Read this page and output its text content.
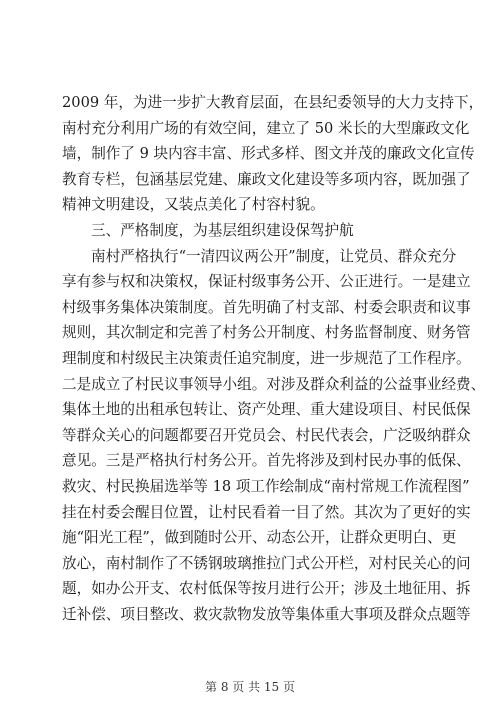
2009 年，为进一步扩大教育层面，在县纪委领导的大力支持下，
南村充分利用广场的有效空间，建立了 50 米长的大型廉政文化
墙，制作了 9 块内容丰富、形式多样、图文并茂的廉政文化宣传
教育专栏，包涵基层党建、廉政文化建设等多项内容，既加强了
精神文明建设，又装点美化了村容村貌。
三、严格制度，为基层组织建设保驾护航
南村严格执行“一清四议两公开”制度，让党员、群众充分
享有参与权和决策权，保证村级事务公开、公正进行。一是建立
村级事务集体决策制度。首先明确了村支部、村委会职责和议事
规则，其次制定和完善了村务公开制度、村务监督制度、财务管
理制度和村级民主决策责任追究制度，进一步规范了工作程序。
二是成立了村民议事领导小组。对涉及群众利益的公益事业经费、
集体土地的出租承包转让、资产处理、重大建设项目、村民低保
等群众关心的问题都要召开党员会、村民代表会，广泛吸纳群众
意见。三是严格执行村务公开。首先将涉及到村民办事的低保、
救灾、村民换届选举等 18 项工作绘制成“南村常规工作流程图”
挂在村委会醒目位置，让村民看着一目了然。其次为了更好的实
施“阳光工程”，做到随时公开、动态公开，让群众更明白、更
放心，南村制作了不锈钢玻璃推拉门式公开栏，对村民关心的问
题，如办公开支、农村低保等按月进行公开；涉及土地征用、拆
迁补偿、项目整改、救灾款物发放等集体重大事项及群众点题等
第 8 页 共 15 页
